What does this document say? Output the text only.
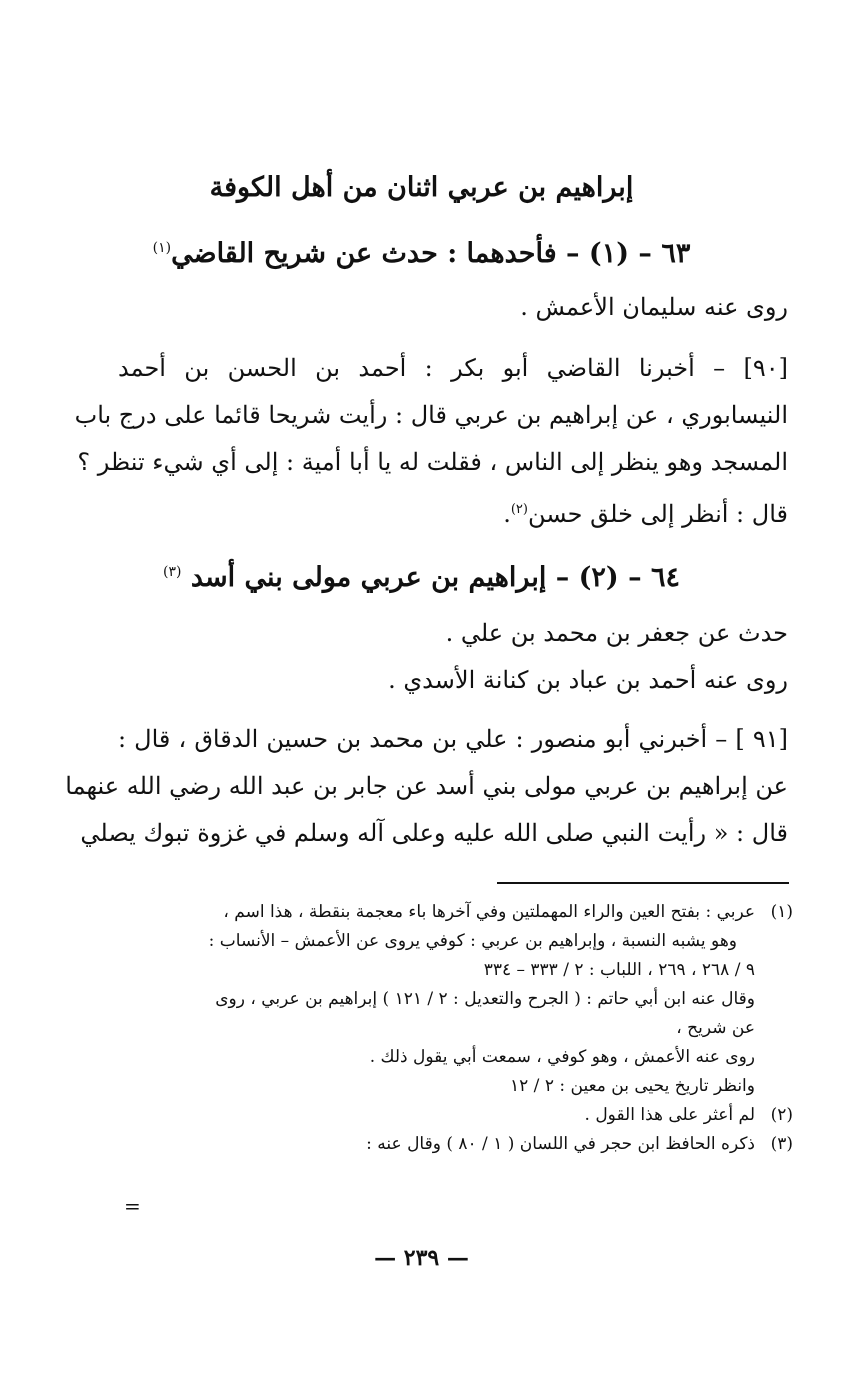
إبراهيم بن عربي اثنان من أهل الكوفة
٦٣ – (١) – فأحدهما : حدث عن شريح القاضي$^{(١)}$
روى عنه سليمان الأعمش .
[٩٠] – أخبرنا القاضي أبو بكر : أحمد بن الحسن بن أحمد
النيسابوري ، عن إبراهيم بن عربي قال : رأيت شريحا قائما على درج باب
المسجد وهو ينظر إلى الناس ، فقلت له يا أبا أمية : إلى أي شيء تنظر ؟
قال : أنظر إلى خلق حسن$^{(٢)}$.
٦٤ – (٢) – إبراهيم بن عربي مولى بني أسد $^{(٣)}$
حدث عن جعفر بن محمد بن علي .
روى عنه أحمد بن عباد بن كنانة الأسدي .
[٩١ ] – أخبرني أبو منصور : علي بن محمد بن حسين الدقاق ، قال :
عن إبراهيم بن عربي مولى بني أسد عن جابر بن عبد الله رضي الله عنهما
قال : « رأيت النبي صلى الله عليه وعلى آله وسلم في غزوة تبوك يصلي
(١)
عربي : بفتح العين والراء المهملتين وفي آخرها باء معجمة بنقطة ، هذا اسم ،
وهو يشبه النسبة ، وإبراهيم بن عربي : كوفي يروى عن الأعمش – الأنساب :
٩ / ٢٦٨ ، ٢٦٩ ، اللباب : ٢ / ٣٣٣ – ٣٣٤
وقال عنه ابن أبي حاتم : ( الجرح والتعديل : ٢ / ١٢١ ) إبراهيم بن عربي ، روى
عن شريح ،
روى عنه الأعمش ، وهو كوفي ، سمعت أبي يقول ذلك .
وانظر تاريخ يحيى بن معين : ٢ / ١٢
(٢)
لم أعثر على هذا القول .
(٣)
ذكره الحافظ ابن حجر في اللسان ( ١ / ٨٠ ) وقال عنه :
=
— ٢٣٩ —
